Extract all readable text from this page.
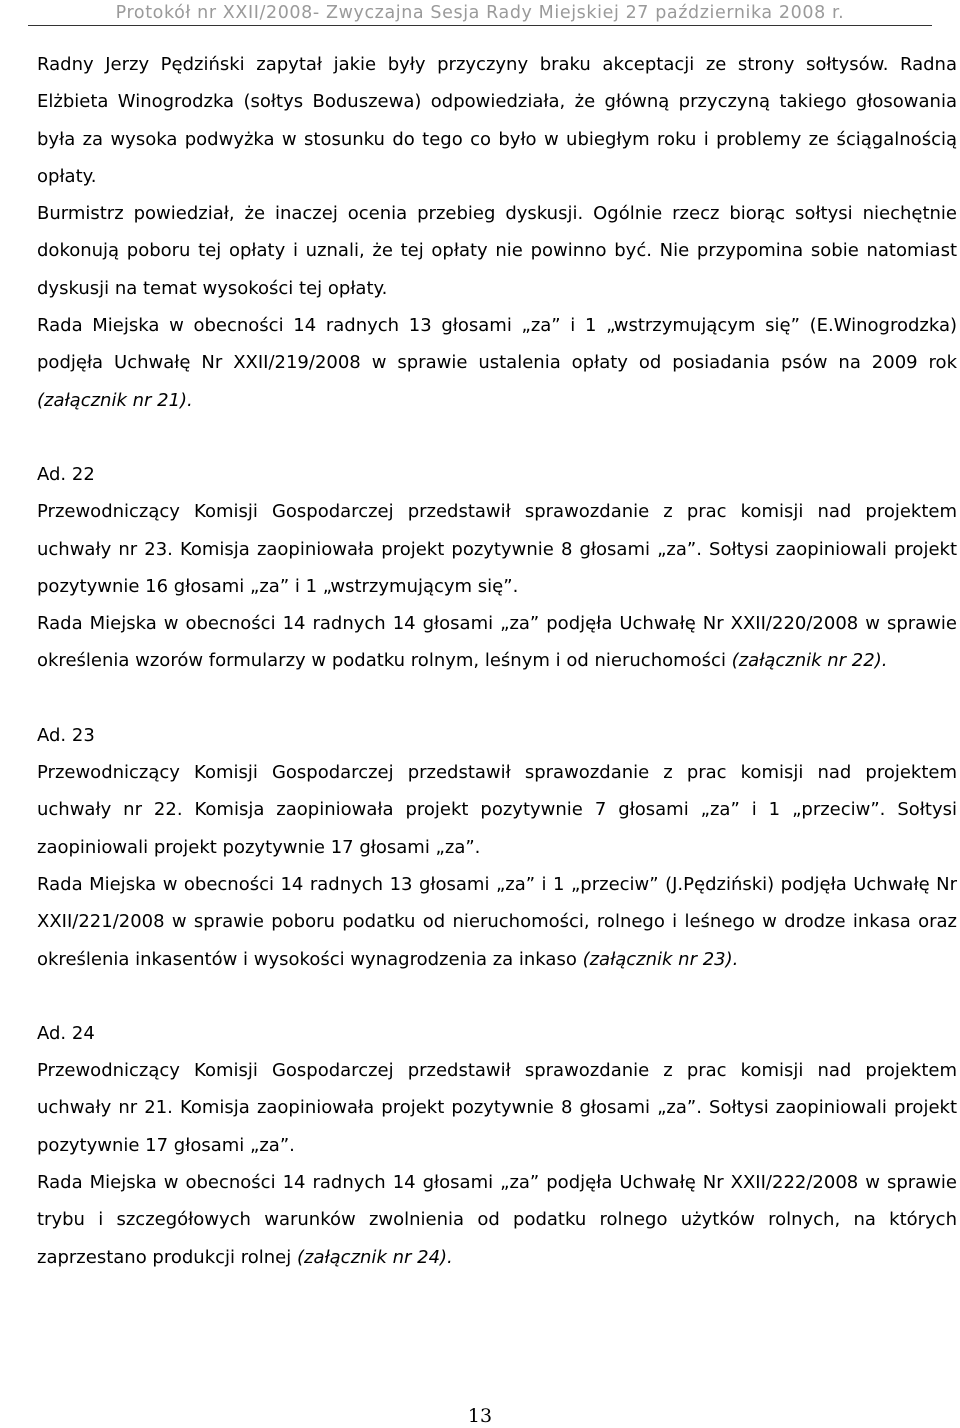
Protokół nr XXII/2008- Zwyczajna Sesja Rady Miejskiej 27 października 2008 r.

Radny Jerzy Pędziński zapytał jakie były przyczyny braku akceptacji ze strony sołtysów. Radna Elżbieta Winogrodzka (sołtys Boduszewa) odpowiedziała, że główną przyczyną takiego głosowania była za wysoka podwyżka w stosunku do tego co było w ubiegłym roku i problemy ze ściągalnością opłaty.

Burmistrz powiedział, że inaczej ocenia przebieg dyskusji. Ogólnie rzecz biorąc sołtysi niechętnie dokonują poboru tej opłaty i uznali, że tej opłaty nie powinno być. Nie przypomina sobie natomiast dyskusji na temat wysokości tej opłaty.

Rada Miejska w obecności 14 radnych 13 głosami „za” i 1 „wstrzymującym się” (E.Winogrodzka) podjęła Uchwałę Nr XXII/219/2008 w sprawie ustalenia opłaty od posiadania psów na 2009 rok (załącznik nr 21).

Ad. 22

Przewodniczący Komisji Gospodarczej przedstawił sprawozdanie z prac komisji nad projektem uchwały nr 23. Komisja zaopiniowała projekt pozytywnie 8 głosami „za”. Sołtysi zaopiniowali projekt pozytywnie 16 głosami „za” i 1 „wstrzymującym się”.

Rada Miejska w obecności 14 radnych 14 głosami „za” podjęła Uchwałę Nr XXII/220/2008 w sprawie określenia wzorów formularzy w podatku rolnym, leśnym i od nieruchomości (załącznik nr 22).

Ad. 23

Przewodniczący Komisji Gospodarczej przedstawił sprawozdanie z prac komisji nad projektem uchwały nr 22. Komisja zaopiniowała projekt pozytywnie 7 głosami „za” i 1 „przeciw”. Sołtysi zaopiniowali projekt pozytywnie 17 głosami „za”.

Rada Miejska w obecności 14 radnych 13 głosami „za” i 1 „przeciw” (J.Pędziński) podjęła Uchwałę Nr XXII/221/2008 w sprawie poboru podatku od nieruchomości, rolnego i leśnego w drodze inkasa oraz określenia inkasentów i wysokości wynagrodzenia za inkaso (załącznik nr 23).

Ad. 24

Przewodniczący Komisji Gospodarczej przedstawił sprawozdanie z prac komisji nad projektem uchwały nr 21. Komisja zaopiniowała projekt pozytywnie 8 głosami „za”. Sołtysi zaopiniowali projekt pozytywnie 17 głosami „za”.

Rada Miejska w obecności 14 radnych 14 głosami „za” podjęła Uchwałę Nr XXII/222/2008 w sprawie trybu i szczegółowych warunków zwolnienia od podatku rolnego użytków rolnych, na których zaprzestano produkcji rolnej (załącznik nr 24).

13
